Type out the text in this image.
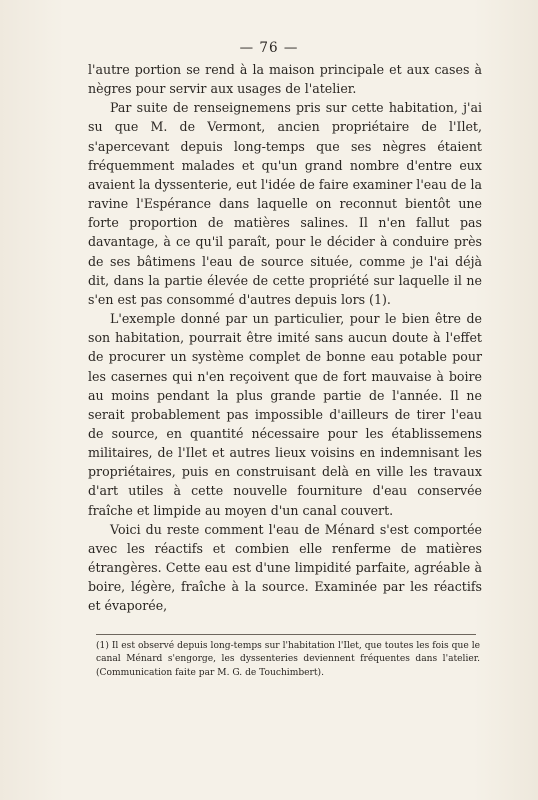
— 76 —

l'autre portion se rend à la maison principale et aux cases à nègres pour servir aux usages de l'atelier.

Par suite de renseignemens pris sur cette habitation, j'ai su que M. de Vermont, ancien propriétaire de l'Ilet, s'apercevant depuis long-temps que ses nègres étaient fréquemment malades et qu'un grand nombre d'entre eux avaient la dyssenterie, eut l'idée de faire examiner l'eau de la ravine l'Espérance dans laquelle on reconnut bientôt une forte proportion de matières salines. Il n'en fallut pas davantage, à ce qu'il paraît, pour le décider à conduire près de ses bâtimens l'eau de source située, comme je l'ai déjà dit, dans la partie élevée de cette propriété sur laquelle il ne s'en est pas consommé d'autres depuis lors (1).

L'exemple donné par un particulier, pour le bien être de son habitation, pourrait être imité sans aucun doute à l'effet de procurer un système complet de bonne eau potable pour les casernes qui n'en reçoivent que de fort mauvaise à boire au moins pendant la plus grande partie de l'année. Il ne serait probablement pas impossible d'ailleurs de tirer l'eau de source, en quantité nécessaire pour les établissemens militaires, de l'Ilet et autres lieux voisins en indemnisant les propriétaires, puis en construisant delà en ville les travaux d'art utiles à cette nouvelle fourniture d'eau conservée fraîche et limpide au moyen d'un canal couvert.

Voici du reste comment l'eau de Ménard s'est comportée avec les réactifs et combien elle renferme de matières étrangères. Cette eau est d'une limpidité parfaite, agréable à boire, légère, fraîche à la source. Examinée par les réactifs et évaporée,

(1) Il est observé depuis long-temps sur l'habitation l'Ilet, que toutes les fois que le canal Ménard s'engorge, les dyssenteries deviennent fréquentes dans l'atelier. (Communication faite par M. G. de Touchimbert).
